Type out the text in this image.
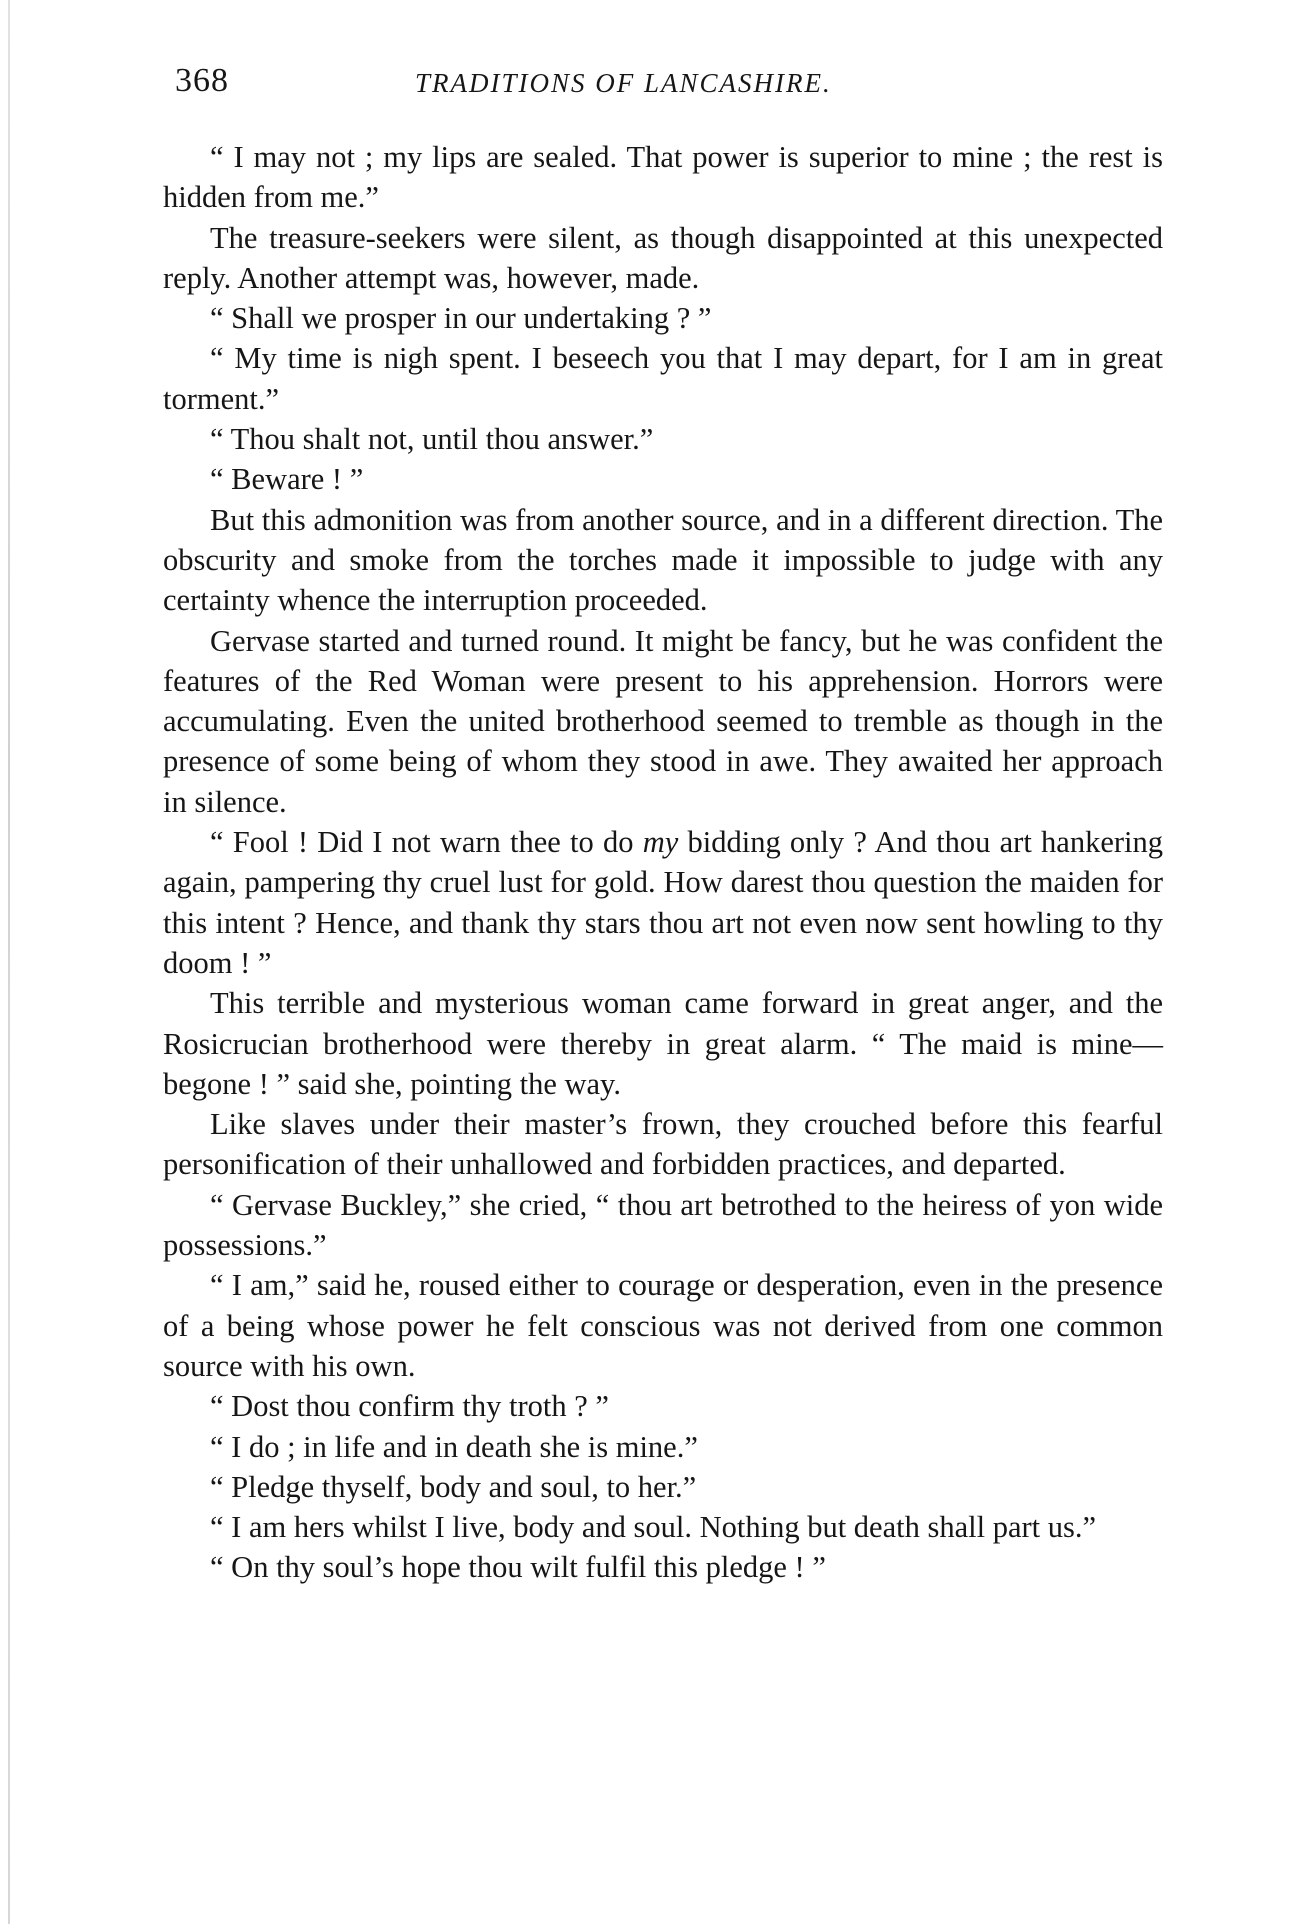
368	TRADITIONS OF LANCASHIRE.

“ I may not ; my lips are sealed. That power is superior to mine ; the rest is hidden from me.”

The treasure-seekers were silent, as though disappointed at this unexpected reply. Another attempt was, however, made.

“ Shall we prosper in our undertaking ? ”

“ My time is nigh spent. I beseech you that I may depart, for I am in great torment.”

“ Thou shalt not, until thou answer.”

“ Beware ! ”

But this admonition was from another source, and in a different direction. The obscurity and smoke from the torches made it impossible to judge with any certainty whence the interruption proceeded.

Gervase started and turned round. It might be fancy, but he was confident the features of the Red Woman were present to his apprehension. Horrors were accumulating. Even the united brotherhood seemed to tremble as though in the presence of some being of whom they stood in awe. They awaited her approach in silence.

“ Fool ! Did I not warn thee to do my bidding only ? And thou art hankering again, pampering thy cruel lust for gold. How darest thou question the maiden for this intent ? Hence, and thank thy stars thou art not even now sent howling to thy doom ! ”

This terrible and mysterious woman came forward in great anger, and the Rosicrucian brotherhood were thereby in great alarm. “ The maid is mine—begone ! ” said she, pointing the way.

Like slaves under their master’s frown, they crouched before this fearful personification of their unhallowed and forbidden practices, and departed.

“ Gervase Buckley,” she cried, “ thou art betrothed to the heiress of yon wide possessions.”

“ I am,” said he, roused either to courage or desperation, even in the presence of a being whose power he felt conscious was not derived from one common source with his own.

“ Dost thou confirm thy troth ? ”

“ I do ; in life and in death she is mine.”

“ Pledge thyself, body and soul, to her.”

“ I am hers whilst I live, body and soul. Nothing but death shall part us.”

“ On thy soul’s hope thou wilt fulfil this pledge ! ”
